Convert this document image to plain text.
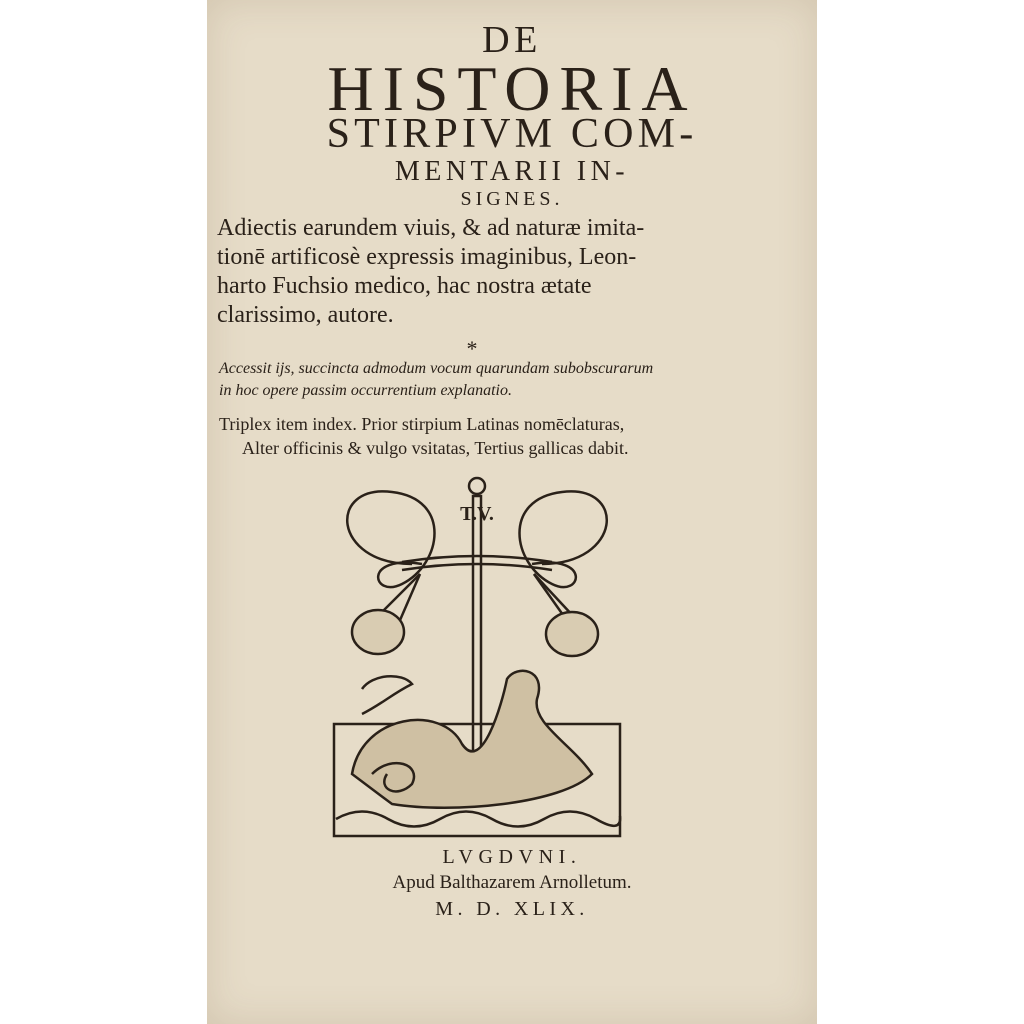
DE
HISTORIA
STIRPIVM COM-
MENTARII IN-
SIGNES.
Adiectis earundem viuis, & ad naturæ imita-
tionē artificosè expressis imaginibus, Leon-
harto Fuchsio medico, hac nostra ætate
clarissimo, autore.
*
Accessit ijs, succincta admodum vocum quarundam subobscurarum
in hoc opere passim occurrentium explanatio.
Triplex item index. Prior stirpium Latinas nomēclaturas,
Alter officinis & vulgo vsitatas, Tertius gallicas dabit.
T.V.
LVGDVNI.
Apud Balthazarem Arnolletum.
M. D. XLIX.
